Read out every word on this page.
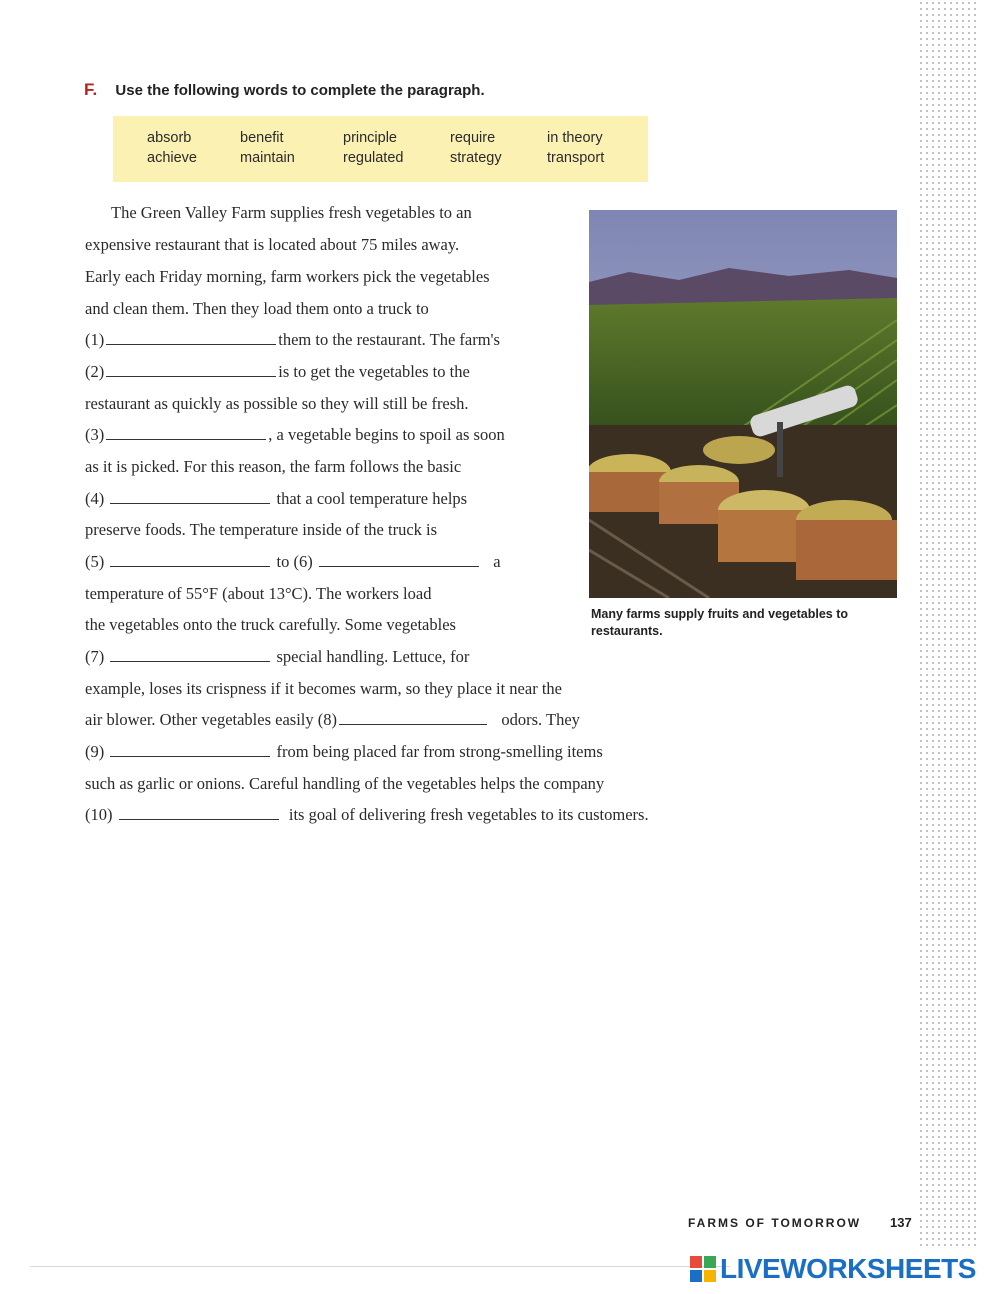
F. Use the following words to complete the paragraph.
absorb	benefit	principle	require	in theory
achieve	maintain	regulated	strategy	transport
The Green Valley Farm supplies fresh vegetables to an
expensive restaurant that is located about 75 miles away.
Early each Friday morning, farm workers pick the vegetables
and clean them. Then they load them onto a truck to
(1)	them to the restaurant. The farm's
(2)	is to get the vegetables to the
restaurant as quickly as possible so they will still be fresh.
(3)	, a vegetable begins to spoil as soon
as it is picked. For this reason, the farm follows the basic
(4)	that a cool temperature helps
preserve foods. The temperature inside of the truck is
(5)	to (6)	a
temperature of 55°F (about 13°C). The workers load
the vegetables onto the truck carefully. Some vegetables
(7)	special handling. Lettuce, for
example, loses its crispness if it becomes warm, so they place it near the
air blower. Other vegetables easily (8)	odors. They
(9)	from being placed far from strong-smelling items
such as garlic or onions. Careful handling of the vegetables helps the company
(10)	its goal of delivering fresh vegetables to its customers.
Many farms supply fruits and vegetables to restaurants.
FARMS OF TOMORROW 137
LIVEWORKSHEETS
